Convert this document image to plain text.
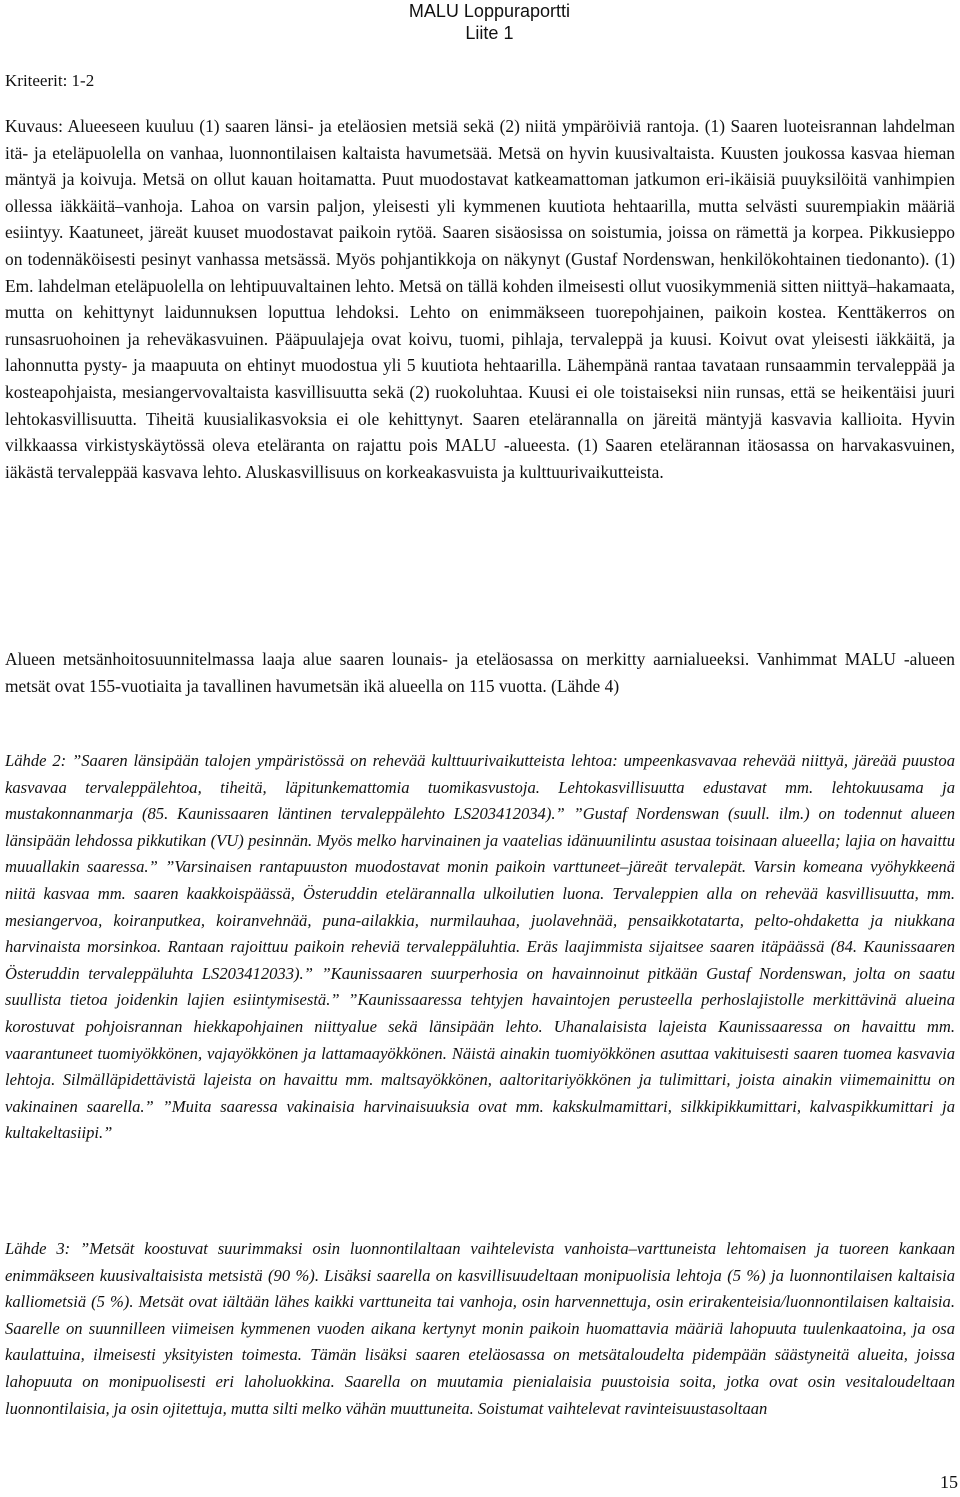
MALU Loppuraportti
Liite 1
Kriteerit: 1-2

Kuvaus: Alueeseen kuuluu (1) saaren länsi- ja eteläosien metsiä sekä (2) niitä ympäröiviä rantoja. (1) Saaren luoteisrannan lahdelman itä- ja eteläpuolella on vanhaa, luonnontilaisen kaltaista havumetsää. Metsä on hyvin kuusivaltaista. Kuusten joukossa kasvaa hieman mäntyä ja koivuja. Metsä on ollut kauan hoitamatta. Puut muodostavat katkeamattoman jatkumon eri-ikäisiä puuyksilöitä vanhimpien ollessa iäkkäitä–vanhoja. Lahoa on varsin paljon, yleisesti yli kymmenen kuutiota hehtaarilla, mutta selvästi suurempiakin määriä esiintyy. Kaatuneet, järeät kuuset muodostavat paikoin rytöä. Saaren sisäosissa on soistumia, joissa on rämettä ja korpea. Pikkusieppo on todennäköisesti pesinyt vanhassa metsässä. Myös pohjantikkoja on näkynyt (Gustaf Nordenswan, henkilökohtainen tiedonanto). (1) Em. lahdelman eteläpuolella on lehtipuuvaltainen lehto. Metsä on tällä kohden ilmeisesti ollut vuosikymmeniä sitten niittyä–hakamaata, mutta on kehittynyt laidunnuksen loputtua lehdoksi. Lehto on enimmäkseen tuorepohjainen, paikoin kostea. Kenttäkerros on runsasruohoinen ja reheväkasvuinen. Pääpuulajeja ovat koivu, tuomi, pihlaja, tervaleppä ja kuusi. Koivut ovat yleisesti iäkkäitä, ja lahonnutta pysty- ja maapuuta on ehtinyt muodostua yli 5 kuutiota hehtaarilla. Lähempänä rantaa tavataan runsaammin tervaleppää ja kosteapohjaista, mesiangervovaltaista kasvillisuutta sekä (2) ruokoluhtaa. Kuusi ei ole toistaiseksi niin runsas, että se heikentäisi juuri lehtokasvillisuutta. Tiheitä kuusialikasvoksia ei ole kehittynyt. Saaren etelärannalla on järeitä mäntyjä kasvavia kallioita. Hyvin vilkkaassa virkistyskäytössä oleva eteläranta on rajattu pois MALU -alueesta. (1) Saaren etelärannan itäosassa on harvakasvuinen, iäkästä tervaleppää kasvava lehto. Aluskasvillisuus on korkeakasvuista ja kulttuurivaikutteista.

Alueen metsänhoitosuunnitelmassa laaja alue saaren lounais- ja eteläosassa on merkitty aarnialueeksi. Vanhimmat MALU -alueen metsät ovat 155-vuotiaita ja tavallinen havumetsän ikä alueella on 115 vuotta. (Lähde 4)

Lähde 2: ”Saaren länsipään talojen ympäristössä on rehevää kulttuurivaikutteista lehtoa: umpeenkasvavaa rehevää niittyä, järeää puustoa kasvavaa tervaleppälehtoa, tiheitä, läpitunkemattomia tuomikasvustoja. Lehtokasvillisuutta edustavat mm. lehtokuusama ja mustakonnanmarja (85. Kaunissaaren läntinen tervaleppälehto LS203412034).” ”Gustaf Nordenswan (suull. ilm.) on todennut alueen länsipään lehdossa pikkutikan (VU) pesinnän. Myös melko harvinainen ja vaatelias idänuunilintu asustaa toisinaan alueella; lajia on havaittu muuallakin saaressa.” ”Varsinaisen rantapuuston muodostavat monin paikoin varttuneet–järeät tervalepät. Varsin komeana vyöhykkeenä niitä kasvaa mm. saaren kaakkoispäässä, Österuddin etelärannalla ulkoilutien luona. Tervaleppien alla on rehevää kasvillisuutta, mm. mesiangervoa, koiranputkea, koiranvehnää, puna-ailakkia, nurmilauhaa, juolavehnää, pensaikkotatarta, pelto-ohdaketta ja niukkana harvinaista morsinkoa. Rantaan rajoittuu paikoin reheviä tervaleppäluhtia. Eräs laajimmista sijaitsee saaren itäpäässä (84. Kaunissaaren Österuddin tervaleppäluhta LS203412033).” ”Kaunissaaren suurperhosia on havainnoinut pitkään Gustaf Nordenswan, jolta on saatu suullista tietoa joidenkin lajien esiintymisestä.” ”Kaunissaaressa tehtyjen havaintojen perusteella perhoslajistolle merkittävinä alueina korostuvat pohjoisrannan hiekkapohjainen niittyalue sekä länsipään lehto. Uhanalaisista lajeista Kaunissaaressa on havaittu mm. vaarantuneet tuomiyökkönen, vajayökkönen ja lattamaayökkönen. Näistä ainakin tuomiyökkönen asuttaa vakituisesti saaren tuomea kasvavia lehtoja. Silmälläpidettävistä lajeista on havaittu mm. maltsayökkönen, aaltoritariyökkönen ja tulimittari, joista ainakin viimemainittu on vakinainen saarella.” ”Muita saaressa vakinaisia harvinaisuuksia ovat mm. kakskulmamittari, silkkipikkumittari, kalvaspikkumittari ja kultakeltasiipi.”

Lähde 3: ”Metsät koostuvat suurimmaksi osin luonnontilaltaan vaihtelevista vanhoista–varttuneista lehtomaisen ja tuoreen kankaan enimmäkseen kuusivaltaisista metsistä (90 %). Lisäksi saarella on kasvillisuudeltaan monipuolisia lehtoja (5 %) ja luonnontilaisen kaltaisia kalliometsiä (5 %). Metsät ovat iältään lähes kaikki varttuneita tai vanhoja, osin harvennettuja, osin erirakenteisia/luonnontilaisen kaltaisia. Saarelle on suunnilleen viimeisen kymmenen vuoden aikana kertynyt monin paikoin huomattavia määriä lahopuuta tuulenkaatoina, ja osa kaulattuina, ilmeisesti yksityisten toimesta. Tämän lisäksi saaren eteläosassa on metsätaloudelta pidempään säästyneitä alueita, joissa lahopuuta on monipuolisesti eri laholuokkina. Saarella on muutamia pienialaisia puustoisia soita, jotka ovat osin vesitaloudeltaan luonnontilaisia, ja osin ojitettuja, mutta silti melko vähän muuttuneita. Soistumat vaihtelevat ravinteisuustasoltaan

15
